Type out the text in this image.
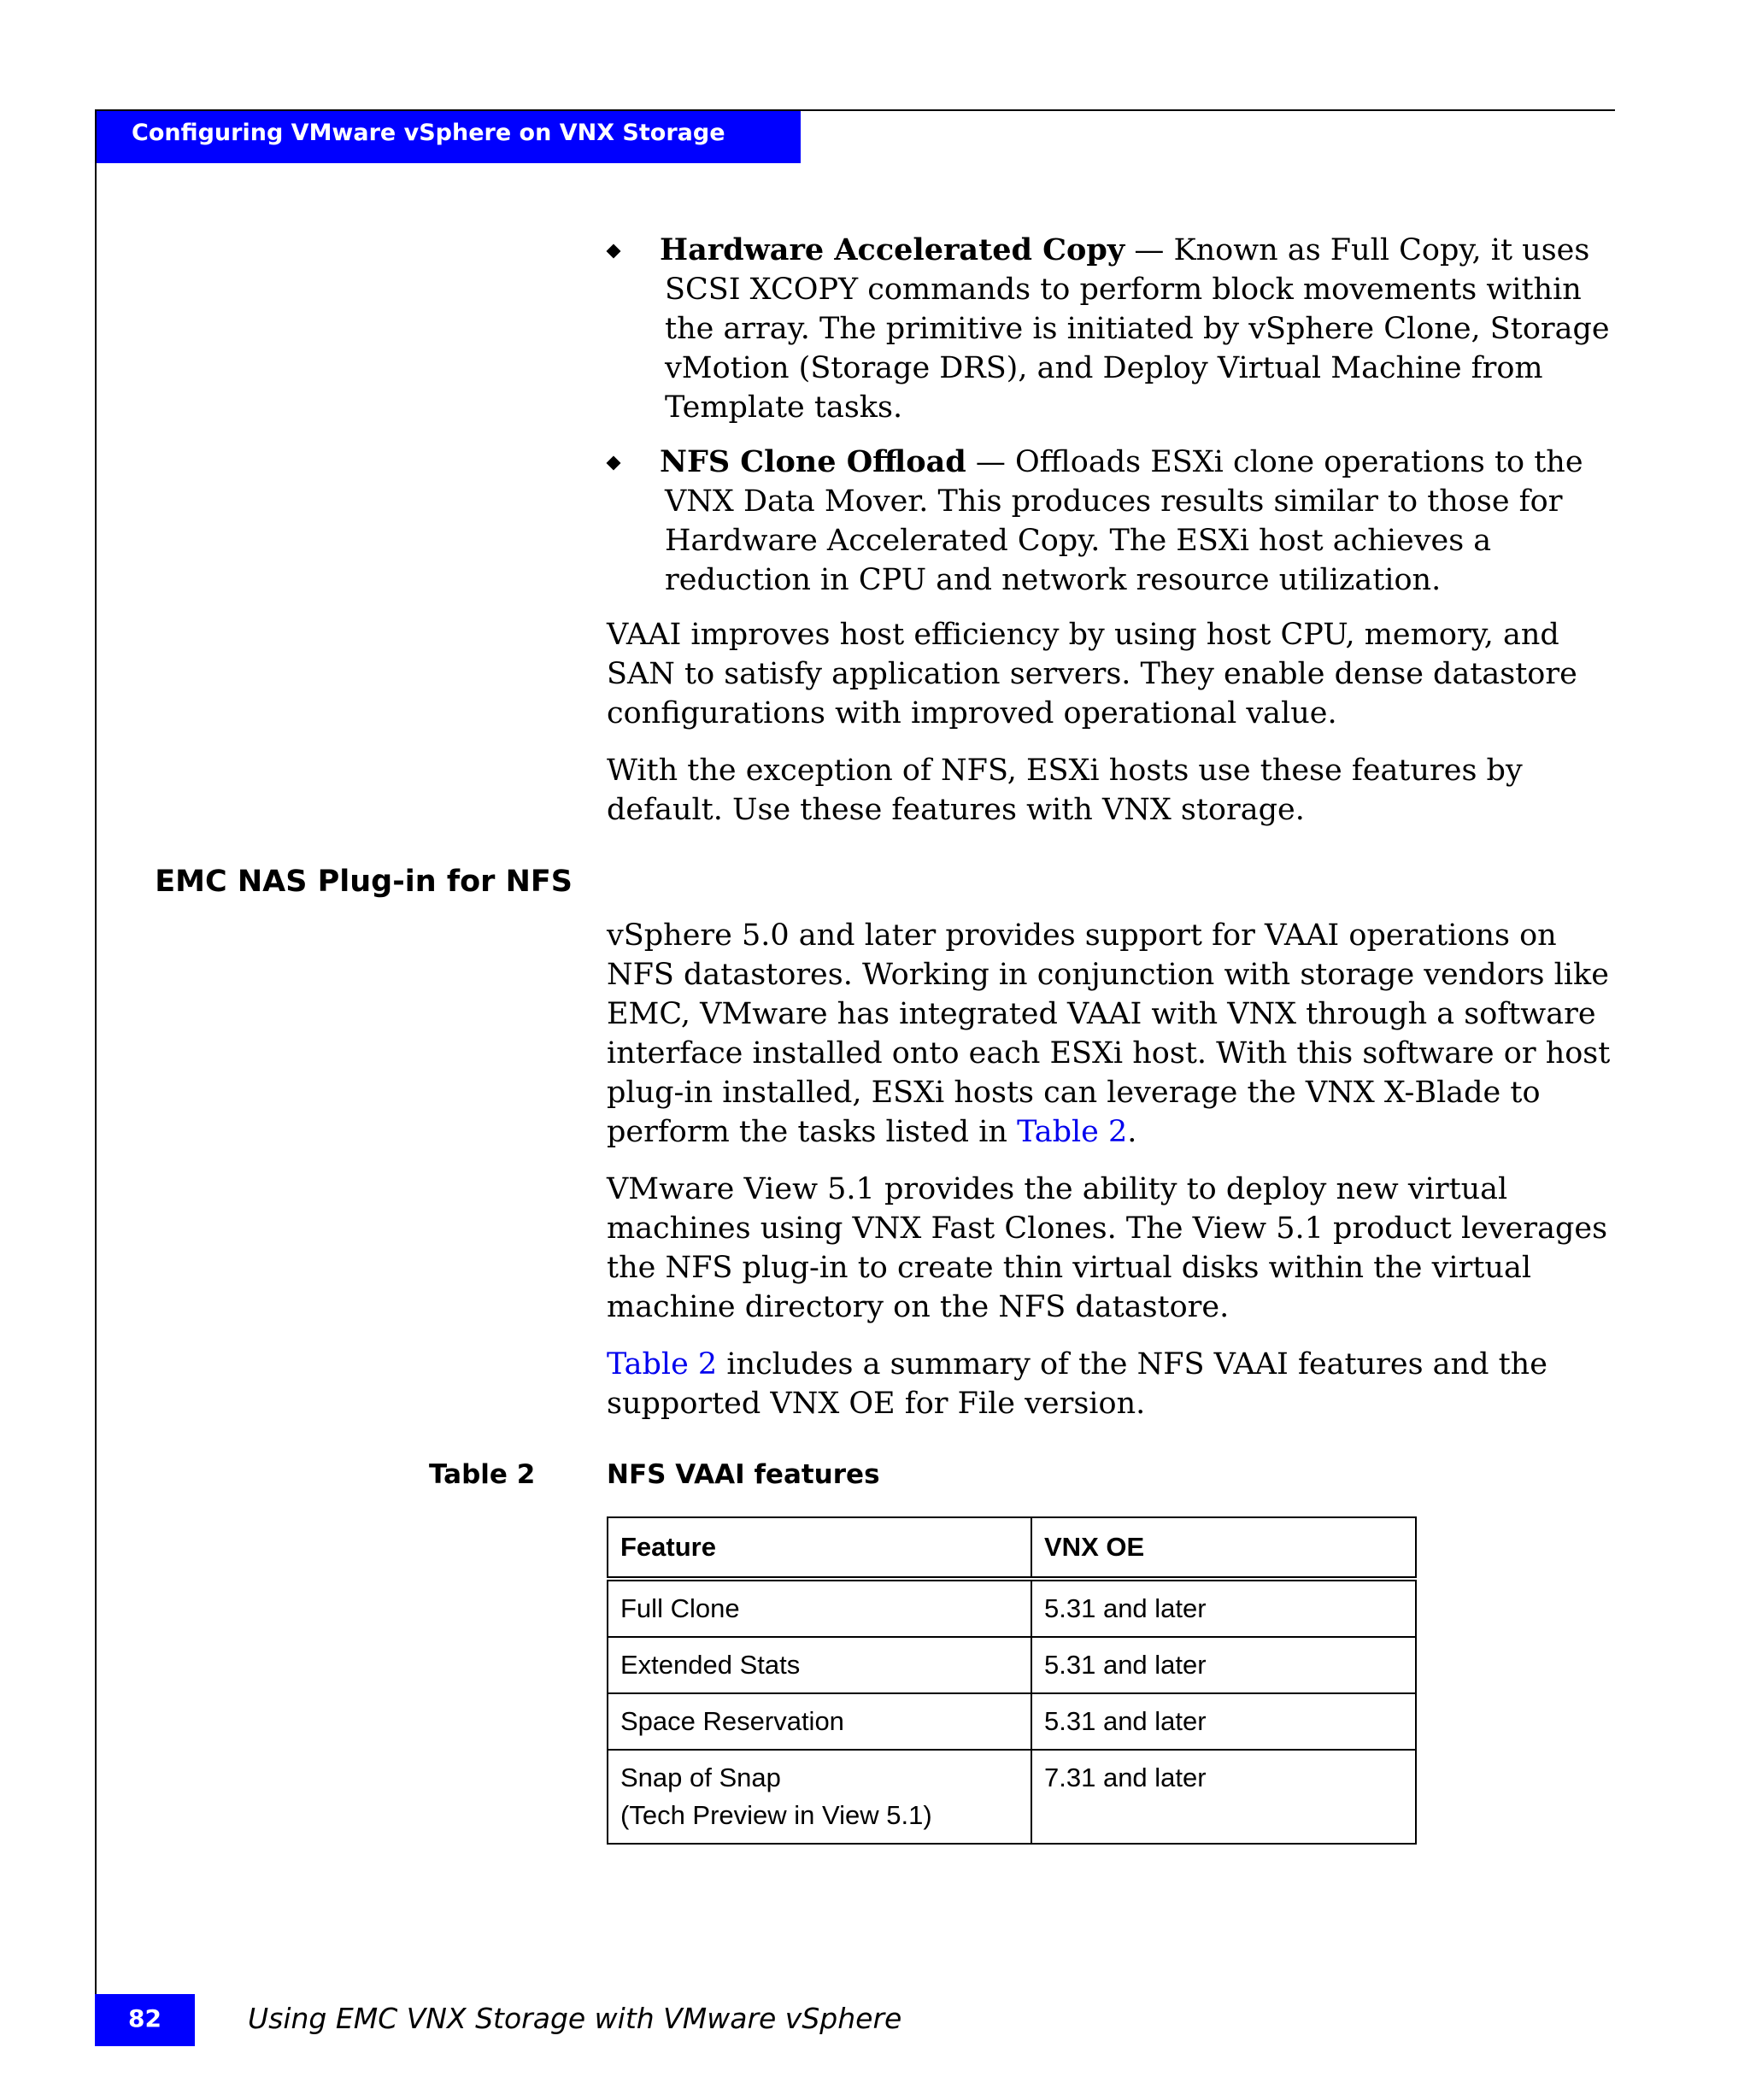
Configuring VMware vSphere on VNX Storage
Hardware Accelerated Copy — Known as Full Copy, it uses SCSI XCOPY commands to perform block movements within the array. The primitive is initiated by vSphere Clone, Storage vMotion (Storage DRS), and Deploy Virtual Machine from Template tasks.
NFS Clone Offload — Offloads ESXi clone operations to the VNX Data Mover. This produces results similar to those for Hardware Accelerated Copy. The ESXi host achieves a reduction in CPU and network resource utilization.

VAAI improves host efficiency by using host CPU, memory, and SAN to satisfy application servers. They enable dense datastore configurations with improved operational value.

With the exception of NFS, ESXi hosts use these features by default. Use these features with VNX storage.

EMC NAS Plug-in for NFS

vSphere 5.0 and later provides support for VAAI operations on NFS datastores. Working in conjunction with storage vendors like EMC, VMware has integrated VAAI with VNX through a software interface installed onto each ESXi host. With this software or host plug-in installed, ESXi hosts can leverage the VNX X-Blade to perform the tasks listed in Table 2.

VMware View 5.1 provides the ability to deploy new virtual machines using VNX Fast Clones. The View 5.1 product leverages the NFS plug-in to create thin virtual disks within the virtual machine directory on the NFS datastore.

Table 2 includes a summary of the NFS VAAI features and the supported VNX OE for File version.

Table 2	NFS VAAI features
Feature	VNX OE
Full Clone	5.31 and later
Extended Stats	5.31 and later
Space Reservation	5.31 and later

Snap of Snap
(Tech Preview in View 5.1)	7.31 and later
82	Using EMC VNX Storage with VMware vSphere
